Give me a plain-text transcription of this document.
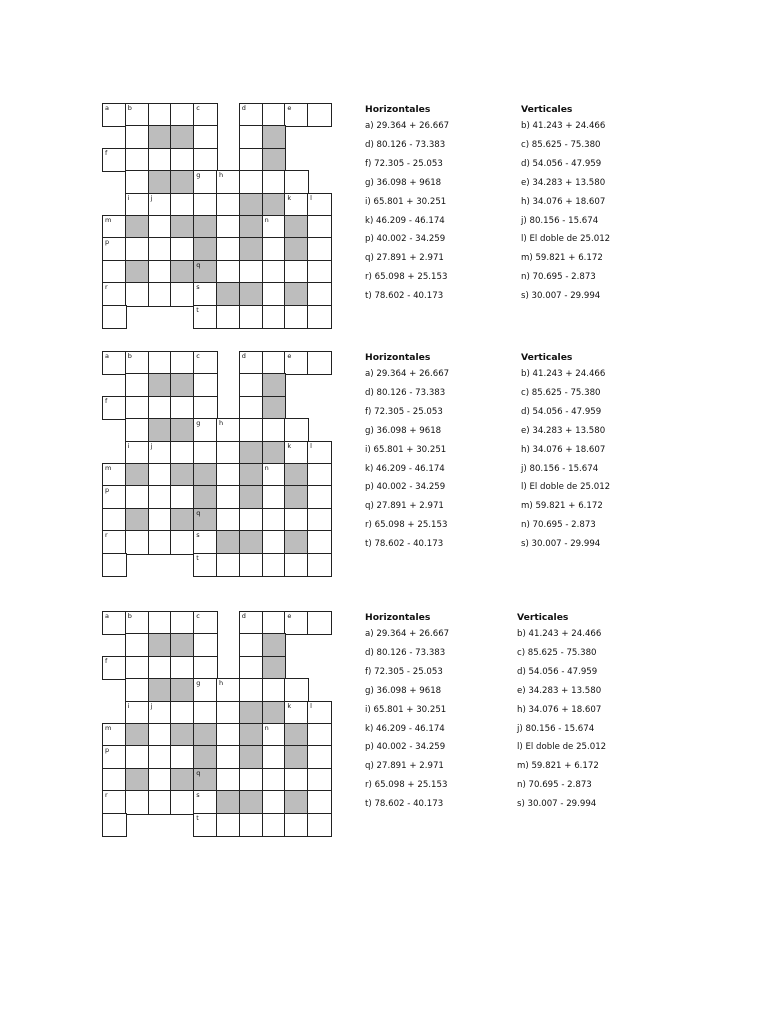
a	b	c	d	e
f
g	h
i	j	k	l
m	n
p
q
r	s
t
Horizontales
a) 29.364 + 26.667
d) 80.126 - 73.383
f) 72.305 - 25.053
g) 36.098 + 9618
i) 65.801 + 30.251
k) 46.209 - 46.174
p) 40.002 - 34.259
q) 27.891 + 2.971
r) 65.098 + 25.153
t) 78.602 - 40.173
Verticales
b) 41.243 + 24.466
c) 85.625 - 75.380
d) 54.056 - 47.959
e) 34.283 + 13.580
h) 34.076 + 18.607
j) 80.156 - 15.674
l) El doble de 25.012
m) 59.821 + 6.172
n) 70.695 - 2.873
s) 30.007 - 29.994
a	b	c	d	e
f
g	h
i	j	k	l
m	n
p
q
r	s
t
Horizontales
a) 29.364 + 26.667
d) 80.126 - 73.383
f) 72.305 - 25.053
g) 36.098 + 9618
i) 65.801 + 30.251
k) 46.209 - 46.174
p) 40.002 - 34.259
q) 27.891 + 2.971
r) 65.098 + 25.153
t) 78.602 - 40.173
Verticales
b) 41.243 + 24.466
c) 85.625 - 75.380
d) 54.056 - 47.959
e) 34.283 + 13.580
h) 34.076 + 18.607
j) 80.156 - 15.674
l) El doble de 25.012
m) 59.821 + 6.172
n) 70.695 - 2.873
s) 30.007 - 29.994
a	b	c	d	e
f
g	h
i	j	k	l
m	n
p
q
r	s
t
Horizontales
a) 29.364 + 26.667
d) 80.126 - 73.383
f) 72.305 - 25.053
g) 36.098 + 9618
i) 65.801 + 30.251
k) 46.209 - 46.174
p) 40.002 - 34.259
q) 27.891 + 2.971
r) 65.098 + 25.153
t) 78.602 - 40.173
Verticales
b) 41.243 + 24.466
c) 85.625 - 75.380
d) 54.056 - 47.959
e) 34.283 + 13.580
h) 34.076 + 18.607
j) 80.156 - 15.674
l) El doble de 25.012
m) 59.821 + 6.172
n) 70.695 - 2.873
s) 30.007 - 29.994
